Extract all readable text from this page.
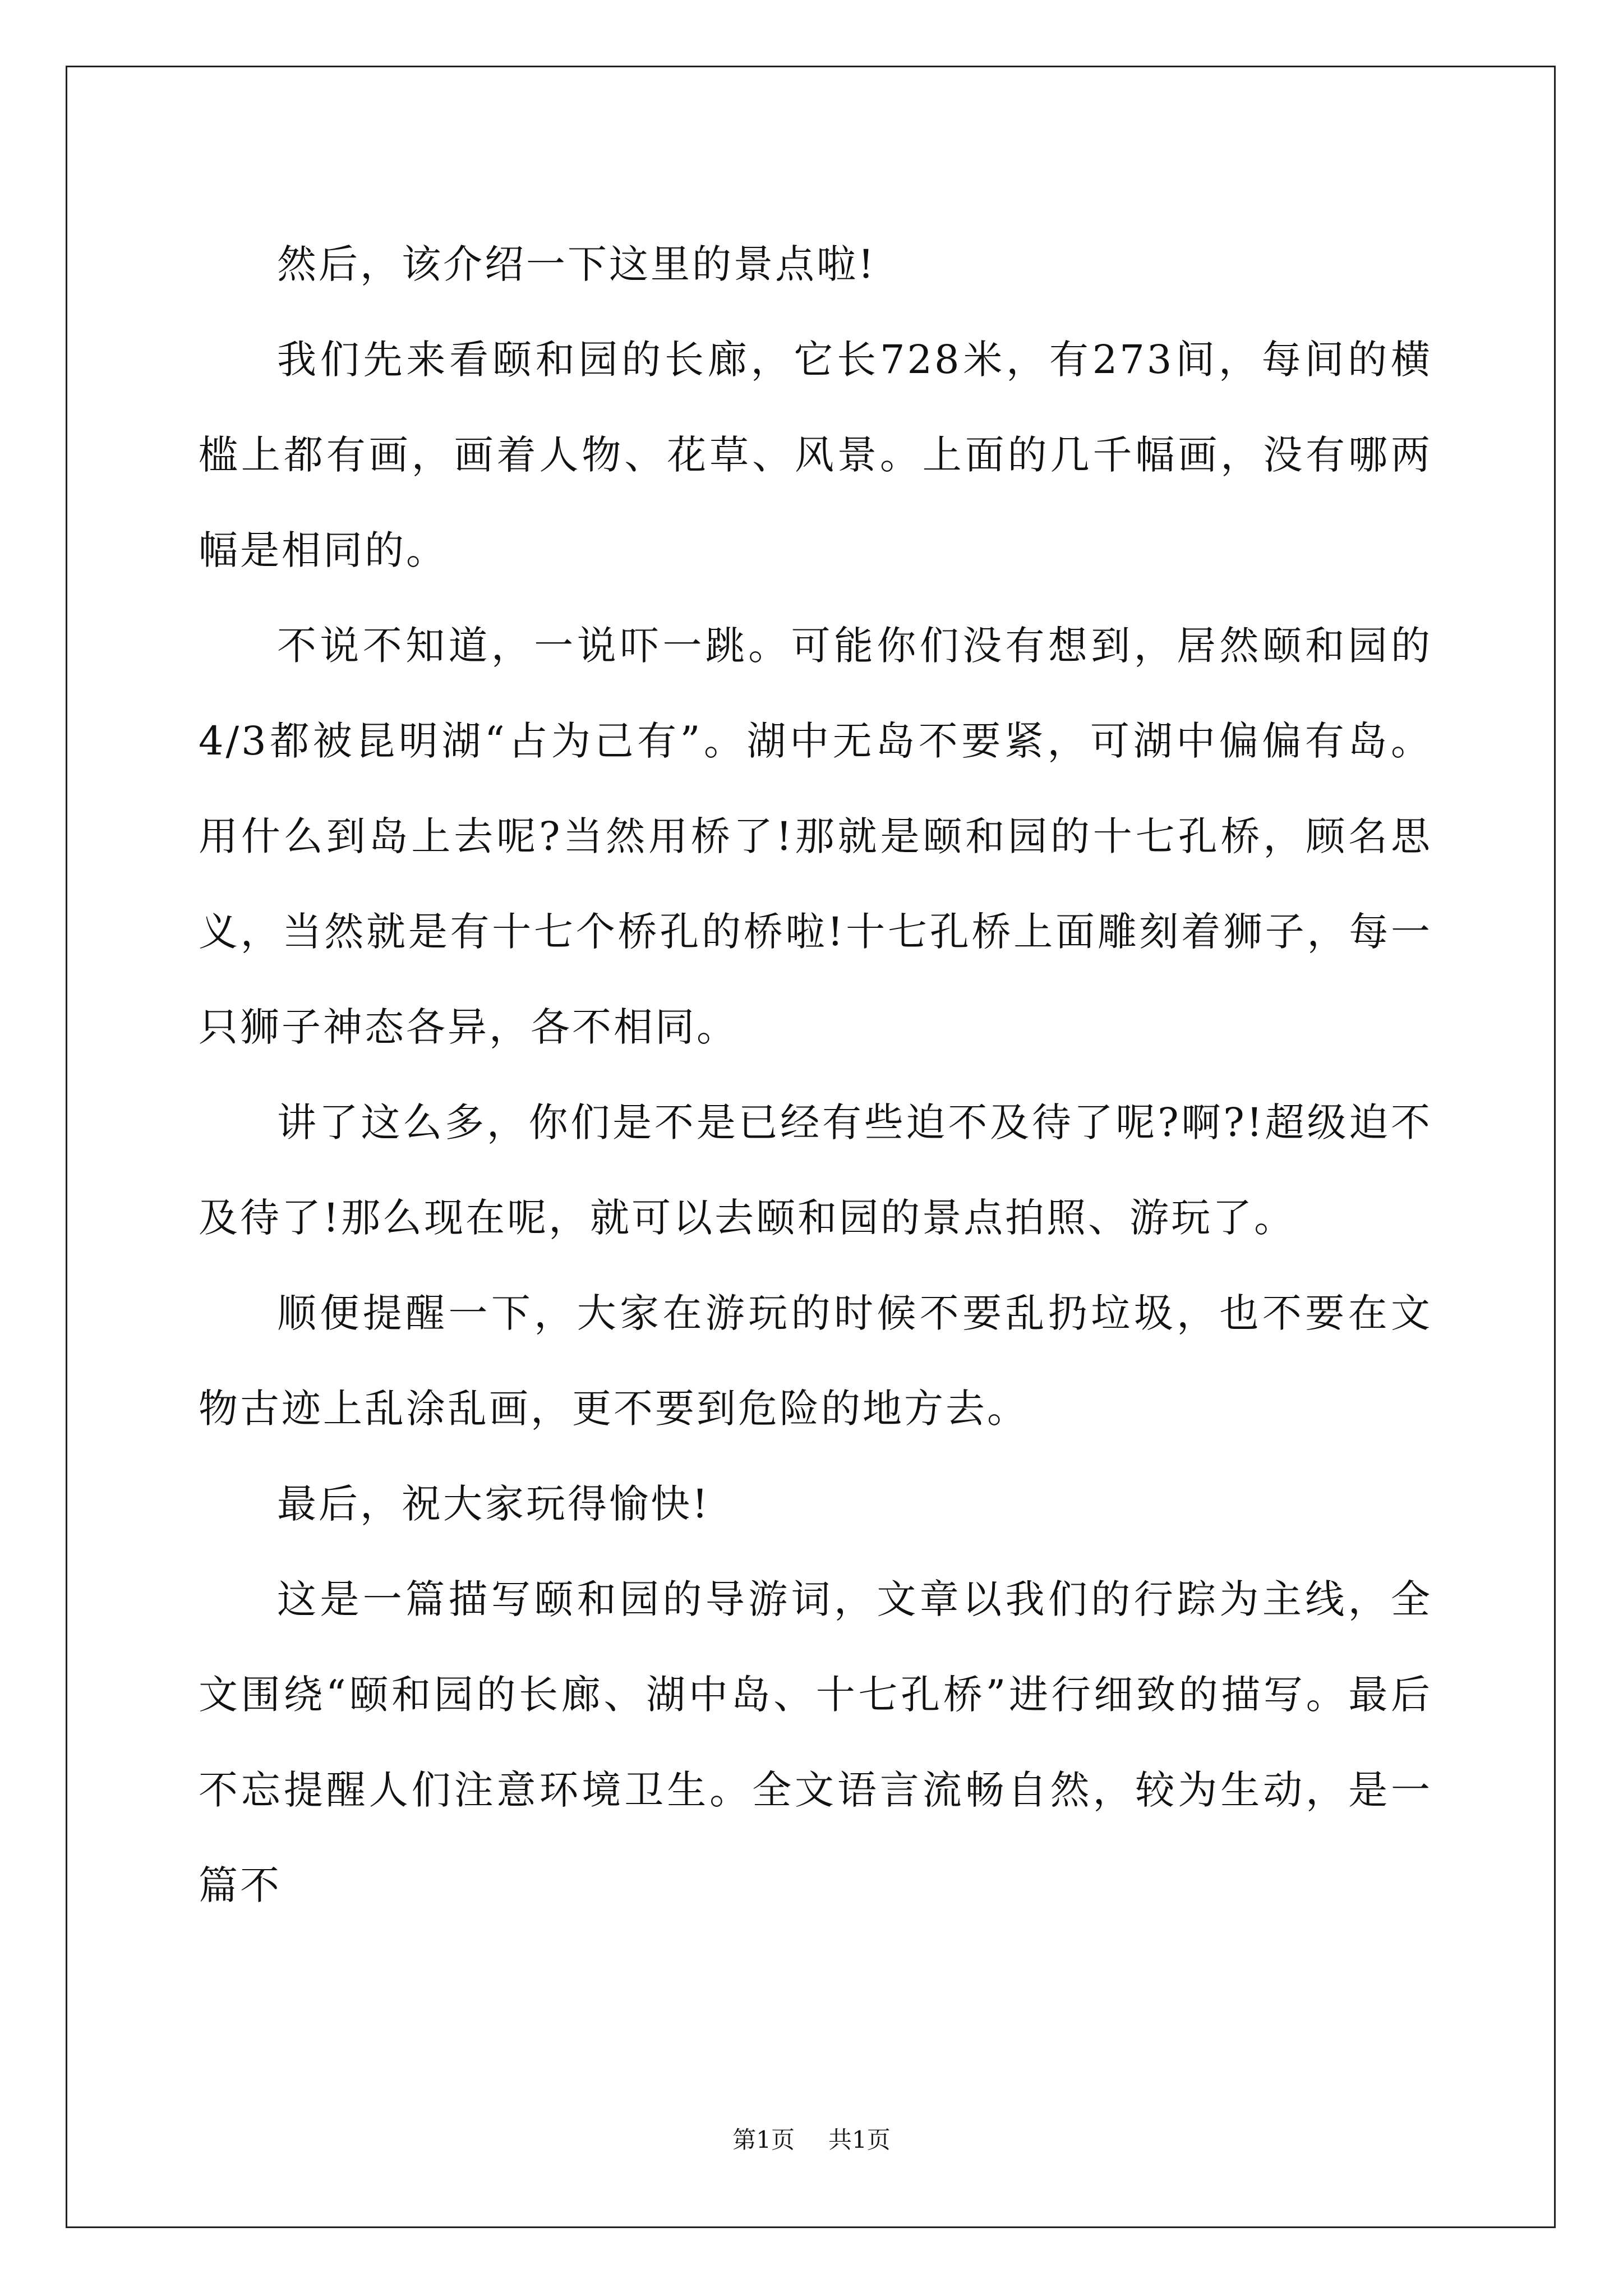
然后，该介绍一下这里的景点啦!

我们先来看颐和园的长廊，它长728米，有273间，每间的横槛上都有画，画着人物、花草、风景。上面的几千幅画，没有哪两幅是相同的。

不说不知道，一说吓一跳。可能你们没有想到，居然颐和园的4/3都被昆明湖“占为己有”。湖中无岛不要紧，可湖中偏偏有岛。用什么到岛上去呢?当然用桥了!那就是颐和园的十七孔桥，顾名思义，当然就是有十七个桥孔的桥啦!十七孔桥上面雕刻着狮子，每一只狮子神态各异，各不相同。

讲了这么多，你们是不是已经有些迫不及待了呢?啊?!超级迫不及待了!那么现在呢，就可以去颐和园的景点拍照、游玩了。

顺便提醒一下，大家在游玩的时候不要乱扔垃圾，也不要在文物古迹上乱涂乱画，更不要到危险的地方去。

最后，祝大家玩得愉快!

这是一篇描写颐和园的导游词，文章以我们的行踪为主线，全文围绕“颐和园的长廊、湖中岛、十七孔桥”进行细致的描写。最后不忘提醒人们注意环境卫生。全文语言流畅自然，较为生动，是一篇不

第1页 共1页
